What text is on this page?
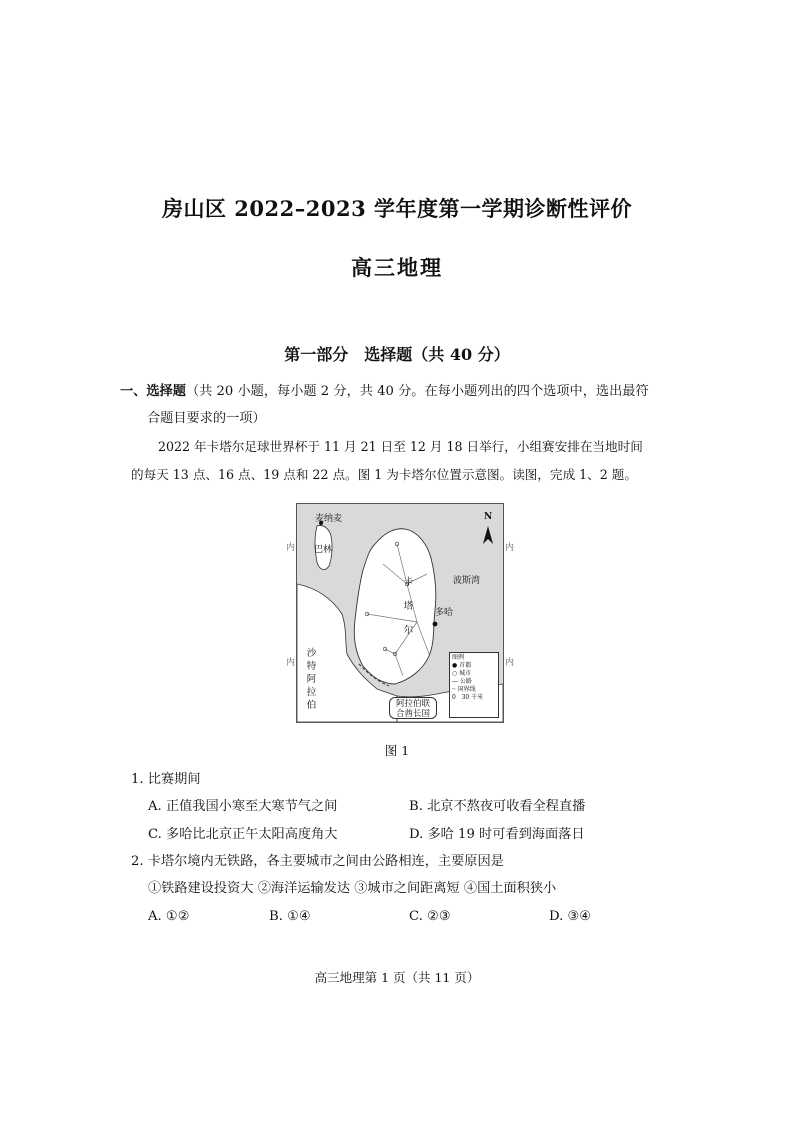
房山区 2022–2023 学年度第一学期诊断性评价
高三地理
第一部分 选择题（共 40 分）
一、选择题（共 20 小题，每小题 2 分，共 40 分。在每小题列出的四个选项中，选出最符
合题目要求的一项）
2022 年卡塔尔足球世界杯于 11 月 21 日至 12 月 18 日举行，小组赛安排在当地时间
的每天 13 点、16 点、19 点和 22 点。图 1 为卡塔尔位置示意图。读图，完成 1、2 题。
内
内
内
内
麦纳麦
巴林
N
卡
塔
尔
多哈
波斯湾
沙
特
阿
拉
伯	阿拉伯联
合酋长国
图例
● 首都
○ 城市
— 公路
┄ 国界线
0 30 千米
图 1
1. 比赛期间
A. 正值我国小寒至大寒节气之间	B. 北京不熬夜可收看全程直播
C. 多哈比北京正午太阳高度角大	D. 多哈 19 时可看到海面落日
2. 卡塔尔境内无铁路，各主要城市之间由公路相连，主要原因是
①铁路建设投资大 ②海洋运输发达 ③城市之间距离短 ④国土面积狭小
A. ①②	B. ①④	C. ②③	D. ③④
高三地理第 1 页（共 11 页）
